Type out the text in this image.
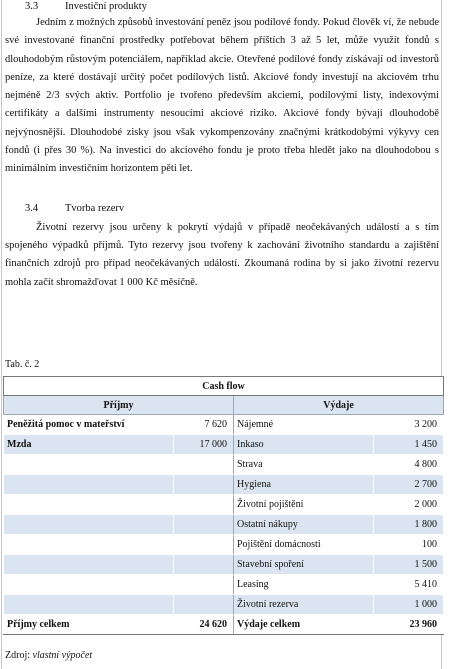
3.3	Investiční produkty

Jedním z možných způsobů investování peněz jsou podílové fondy. Pokud člověk ví, že nebude své investované finanční prostředky potřebovat během příštích 3 až 5 let, může využít fondů s dlouhodobým růstovým potenciálem, například akcie. Otevřené podílové fondy získávají od investorů peníze, za které dostávají určitý počet podílových listů. Akciové fondy investují na akciovém trhu nejméně 2/3 svých aktiv. Portfolio je tvořeno především akciemi, podílovými listy, indexovými certifikáty a dalšími instrumenty nesoucími akciové riziko. Akciové fondy bývají dlouhodobě nejvýnosnější. Dlouhodobé zisky jsou však vykompenzovány značnými krátkodobými výkyvy cen fondů (i přes 30 %). Na investici do akciového fondu je proto třeba hledět jako na dlouhodobou s minimálním investičním horizontem pěti let.

3.4	Tvorba rezerv

Životní rezervy jsou určeny k pokrytí výdajů v případě neočekávaných událostí a s tím spojeného výpadků příjmů. Tyto rezervy jsou tvořeny k zachování životního standardu a zajištění finančních zdrojů pro případ neočekávaných událostí. Zkoumaná rodina by si jako životní rezervu mohla začít shromažďovat 1 000 Kč měsíčně.

Tab. č. 2
Cash flow			
Příjmy		Výdaje	
Peněžitá pomoc v mateřství	7 620	Nájemné	3 200
Mzda	17 000	Inkaso	1 450
		Strava	4 800
		Hygiena	2 700
		Životní pojištění	2 000
		Ostatní nákupy	1 800
		Pojištění domácnosti	100
		Stavební spoření	1 500
		Leasing	5 410
		Životní rezerva	1 000
Příjmy celkem	24 620	Výdaje celkem	23 960
Zdroj: vlastní výpočet
